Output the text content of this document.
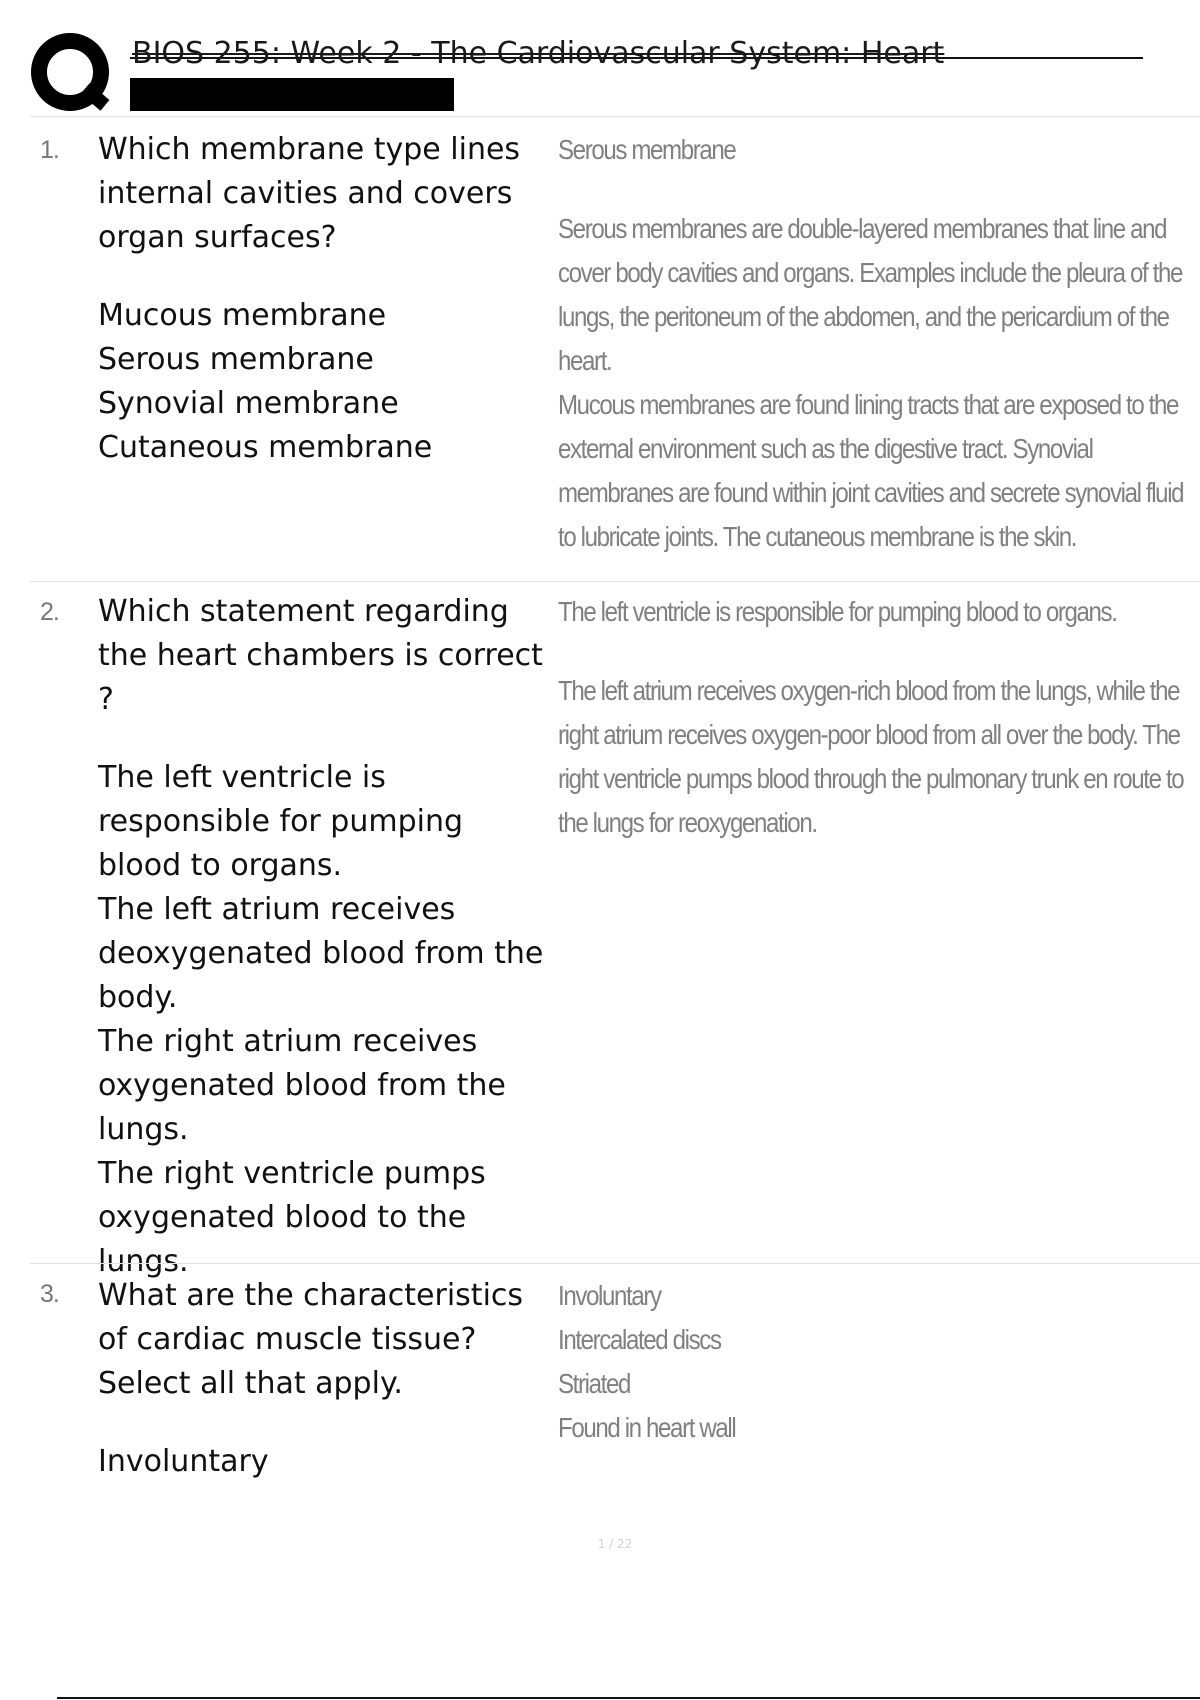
BIOS 255: Week 2 - The Cardiovascular System: Heart
1. Which membrane type lines internal cavities and covers organ surfaces?

Mucous membrane

Serous membrane

Synovial membrane

Cutaneous membrane

Serous membrane

Serous membranes are double-layered membranes that line and cover body cavities and organs. Examples include the pleura of the lungs, the peritoneum of the abdomen, and the pericardium of the heart.

Mucous membranes are found lining tracts that are exposed to the external environment such as the digestive tract. Synovial membranes are found within joint cavities and secrete synovial fluid to lubricate joints. The cutaneous membrane is the skin.

2. Which statement regarding the heart chambers is correct ?

The left ventricle is responsible for pumping blood to organs.

The left atrium receives deoxygenated blood from the body.

The right atrium receives oxygenated blood from the lungs.

The right ventricle pumps oxygenated blood to the lungs.

The left ventricle is responsible for pumping blood to organs.

The left atrium receives oxygen-rich blood from the lungs, while the right atrium receives oxygen-poor blood from all over the body. The right ventricle pumps blood through the pulmonary trunk en route to the lungs for reoxygenation.

3. What are the characteristics of cardiac muscle tissue? Select all that apply.

Involuntary

Involuntary

Intercalated discs

Striated

Found in heart wall

1 / 22
